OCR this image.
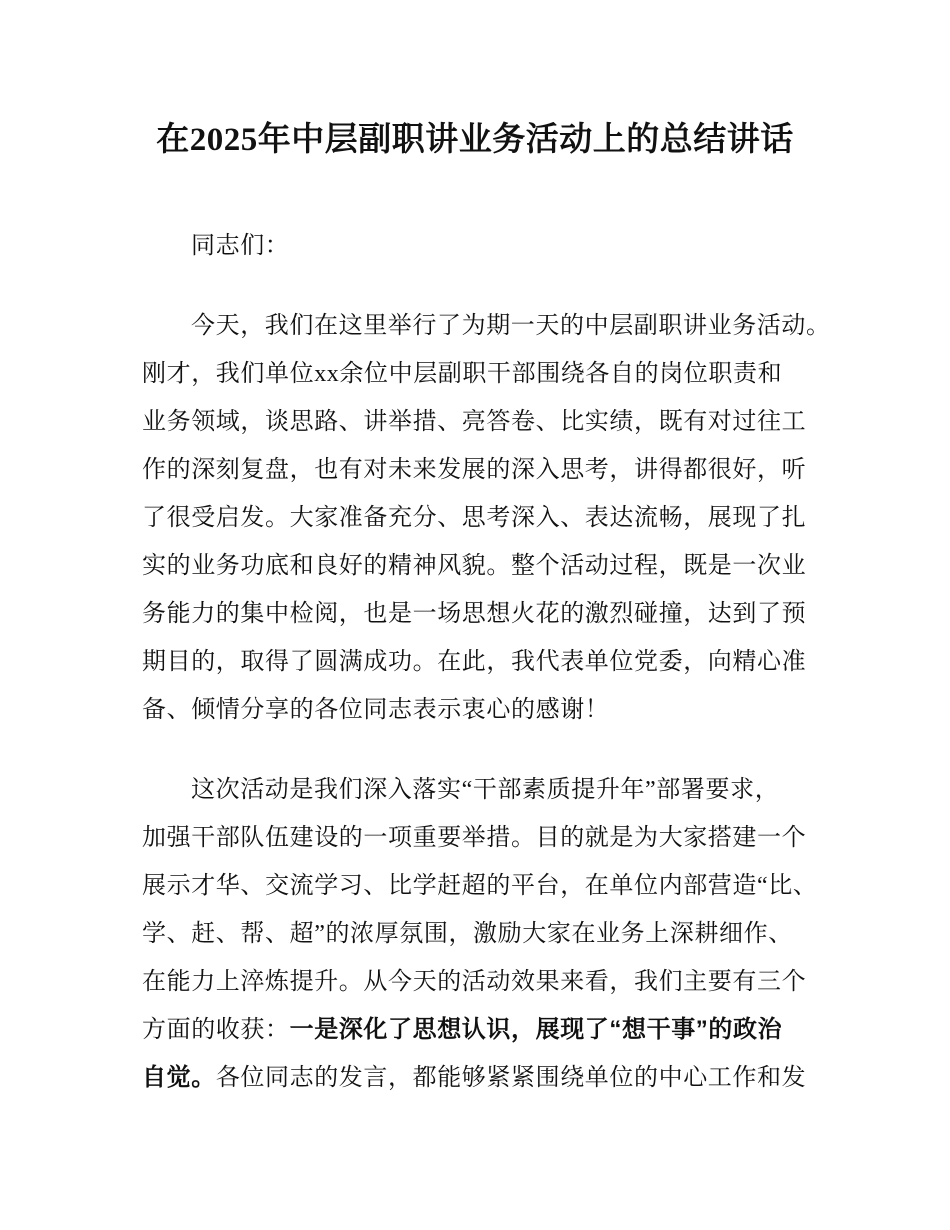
在2025年中层副职讲业务活动上的总结讲话
同志们：
今天，我们在这里举行了为期一天的中层副职讲业务活动。
刚才，我们单位xx余位中层副职干部围绕各自的岗位职责和
业务领域，谈思路、讲举措、亮答卷、比实绩，既有对过往工
作的深刻复盘，也有对未来发展的深入思考，讲得都很好，听
了很受启发。大家准备充分、思考深入、表达流畅，展现了扎
实的业务功底和良好的精神风貌。整个活动过程，既是一次业
务能力的集中检阅，也是一场思想火花的激烈碰撞，达到了预
期目的，取得了圆满成功。在此，我代表单位党委，向精心准
备、倾情分享的各位同志表示衷心的感谢！
这次活动是我们深入落实“干部素质提升年”部署要求，
加强干部队伍建设的一项重要举措。目的就是为大家搭建一个
展示才华、交流学习、比学赶超的平台，在单位内部营造“比、
学、赶、帮、超”的浓厚氛围，激励大家在业务上深耕细作、
在能力上淬炼提升。从今天的活动效果来看，我们主要有三个
方面的收获：一是深化了思想认识，展现了“想干事”的政治
自觉。各位同志的发言，都能够紧紧围绕单位的中心工作和发
